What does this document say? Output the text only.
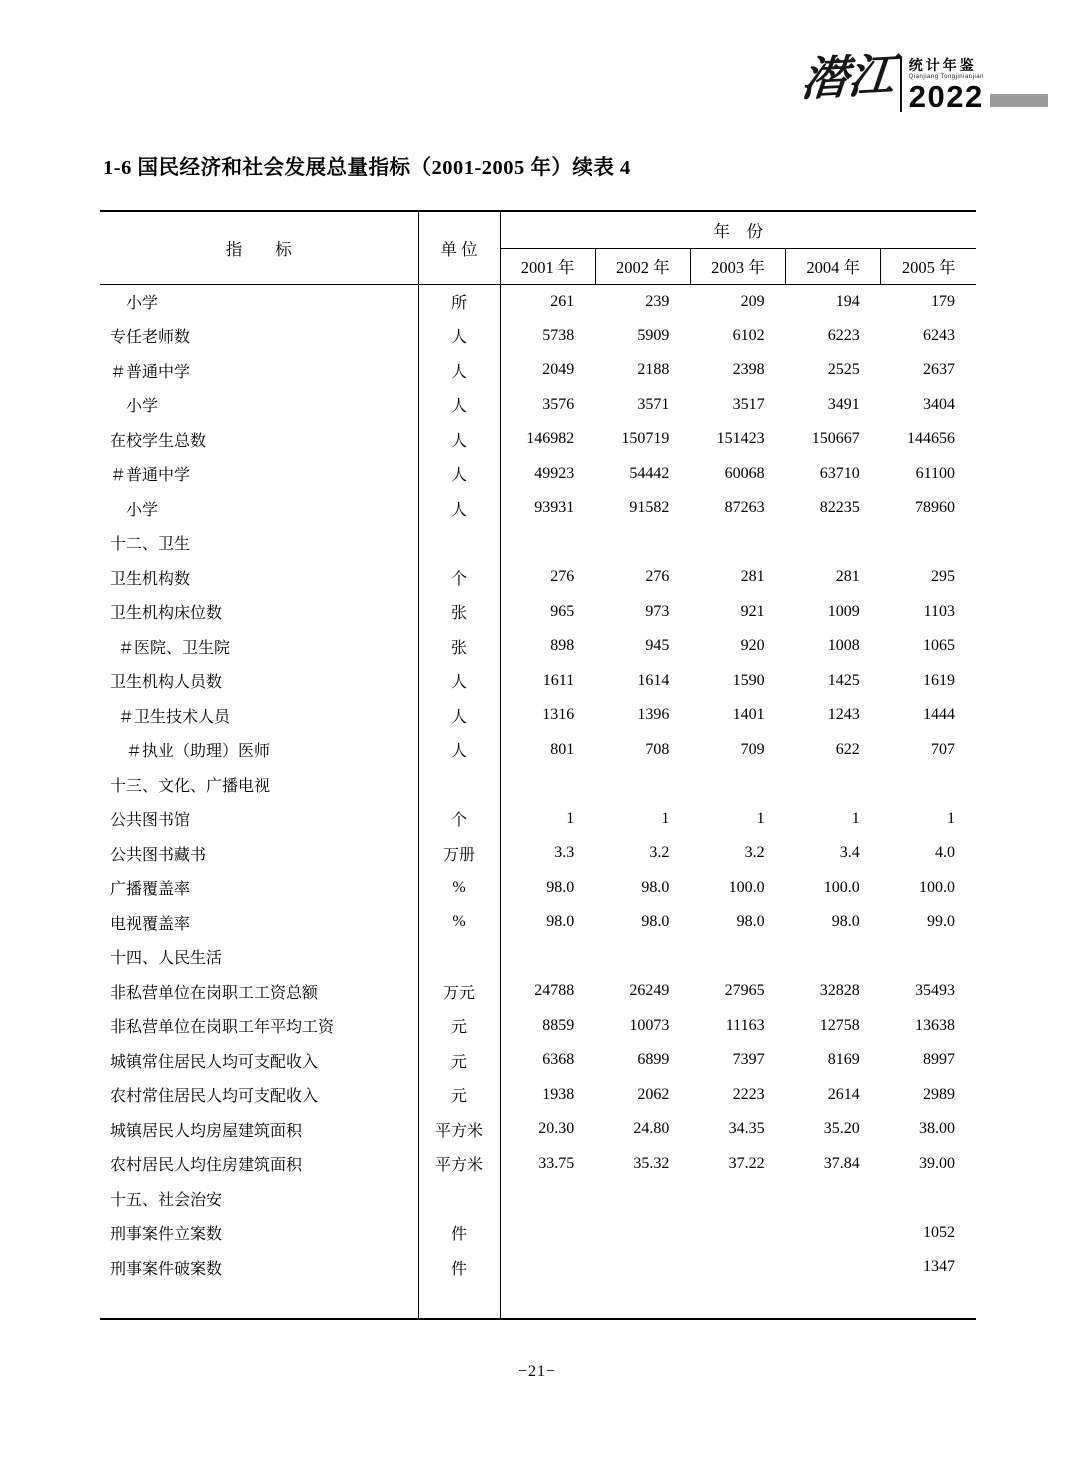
潜江 统计年鉴
Qianjiang Tongjinianjian
2022
1-6 国民经济和社会发展总量指标（2001-2005 年）续表 4
指　　标	单 位	年　份				
		2001 年	2002 年	2003 年	2004 年	2005 年
小学	所	261	239	209	194	179
专任老师数	人	5738	5909	6102	6223	6243
＃普通中学	人	2049	2188	2398	2525	2637
小学	人	3576	3571	3517	3491	3404
在校学生总数	人	146982	150719	151423	150667	144656
＃普通中学	人	49923	54442	60068	63710	61100
小学	人	93931	91582	87263	82235	78960
十二、卫生						
卫生机构数	个	276	276	281	281	295
卫生机构床位数	张	965	973	921	1009	1103
＃医院、卫生院	张	898	945	920	1008	1065
卫生机构人员数	人	1611	1614	1590	1425	1619
＃卫生技术人员	人	1316	1396	1401	1243	1444
＃执业（助理）医师	人	801	708	709	622	707
十三、文化、广播电视						
公共图书馆	个	1	1	1	1	1
公共图书藏书	万册	3.3	3.2	3.2	3.4	4.0
广播覆盖率	%	98.0	98.0	100.0	100.0	100.0
电视覆盖率	%	98.0	98.0	98.0	98.0	99.0
十四、人民生活						
非私营单位在岗职工工资总额	万元	24788	26249	27965	32828	35493
非私营单位在岗职工年平均工资	元	8859	10073	11163	12758	13638
城镇常住居民人均可支配收入	元	6368	6899	7397	8169	8997
农村常住居民人均可支配收入	元	1938	2062	2223	2614	2989
城镇居民人均房屋建筑面积	平方米	20.30	24.80	34.35	35.20	38.00
农村居民人均住房建筑面积	平方米	33.75	35.32	37.22	37.84	39.00
十五、社会治安						
刑事案件立案数	件					1052
刑事案件破案数	件					1347

−21−
